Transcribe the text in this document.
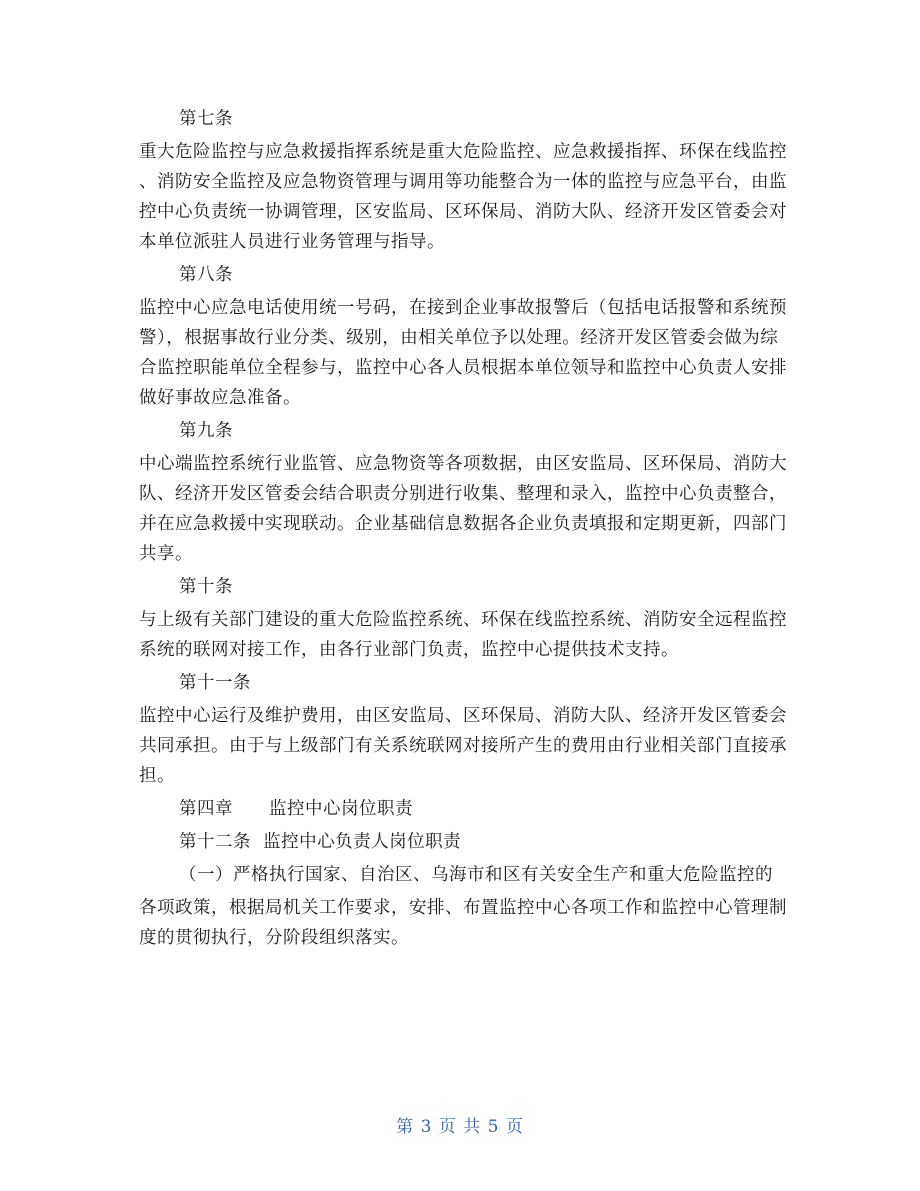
第七条
重大危险监控与应急救援指挥系统是重大危险监控、应急救援指挥、环保在线监控
、消防安全监控及应急物资管理与调用等功能整合为一体的监控与应急平台，由监
控中心负责统一协调管理，区安监局、区环保局、消防大队、经济开发区管委会对
本单位派驻人员进行业务管理与指导。
第八条
监控中心应急电话使用统一号码，在接到企业事故报警后（包括电话报警和系统预
警），根据事故行业分类、级别，由相关单位予以处理。经济开发区管委会做为综
合监控职能单位全程参与，监控中心各人员根据本单位领导和监控中心负责人安排
做好事故应急准备。
第九条
中心端监控系统行业监管、应急物资等各项数据，由区安监局、区环保局、消防大
队、经济开发区管委会结合职责分别进行收集、整理和录入，监控中心负责整合，
并在应急救援中实现联动。企业基础信息数据各企业负责填报和定期更新，四部门
共享。
第十条
与上级有关部门建设的重大危险监控系统、环保在线监控系统、消防安全远程监控
系统的联网对接工作，由各行业部门负责，监控中心提供技术支持。
第十一条
监控中心运行及维护费用，由区安监局、区环保局、消防大队、经济开发区管委会
共同承担。由于与上级部门有关系统联网对接所产生的费用由行业相关部门直接承
担。
第四章　　监控中心岗位职责
第十二条  监控中心负责人岗位职责
（一）严格执行国家、自治区、乌海市和区有关安全生产和重大危险监控的
各项政策，根据局机关工作要求，安排、布置监控中心各项工作和监控中心管理制
度的贯彻执行，分阶段组织落实。
第 3 页 共 5 页
